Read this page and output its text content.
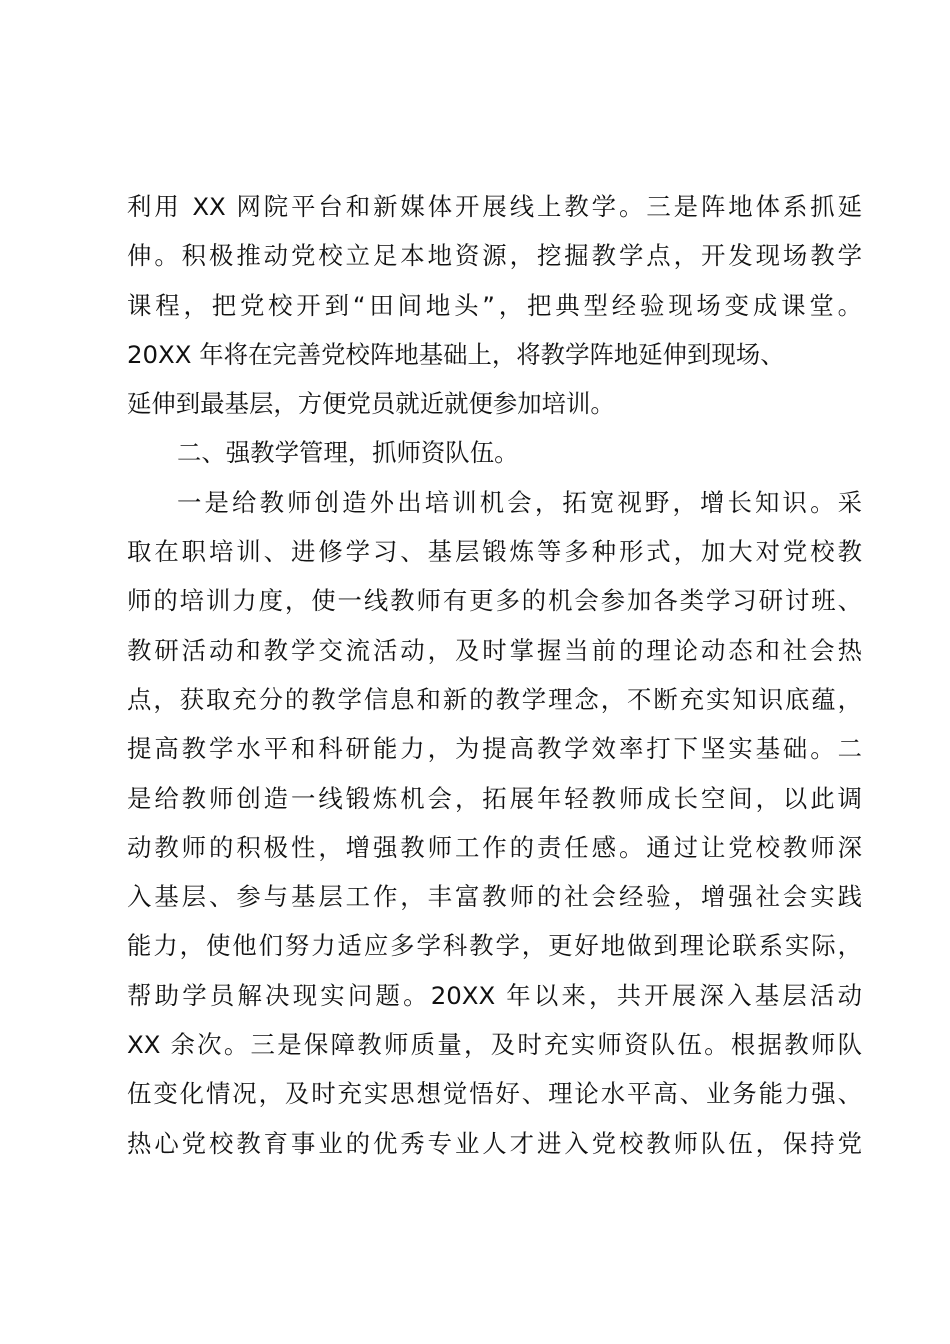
利用 XX 网院平台和新媒体开展线上教学。三是阵地体系抓延
伸。积极推动党校立足本地资源，挖掘教学点，开发现场教学
课程，把党校开到“田间地头”，把典型经验现场变成课堂。
20XX 年将在完善党校阵地基础上，将教学阵地延伸到现场、
延伸到最基层，方便党员就近就便参加培训。
二、强教学管理，抓师资队伍。
一是给教师创造外出培训机会，拓宽视野，增长知识。采
取在职培训、进修学习、基层锻炼等多种形式，加大对党校教
师的培训力度，使一线教师有更多的机会参加各类学习研讨班、
教研活动和教学交流活动，及时掌握当前的理论动态和社会热
点，获取充分的教学信息和新的教学理念，不断充实知识底蕴，
提高教学水平和科研能力，为提高教学效率打下坚实基础。二
是给教师创造一线锻炼机会，拓展年轻教师成长空间，以此调
动教师的积极性，增强教师工作的责任感。通过让党校教师深
入基层、参与基层工作，丰富教师的社会经验，增强社会实践
能力，使他们努力适应多学科教学，更好地做到理论联系实际，
帮助学员解决现实问题。20XX 年以来，共开展深入基层活动
XX 余次。三是保障教师质量，及时充实师资队伍。根据教师队
伍变化情况，及时充实思想觉悟好、理论水平高、业务能力强、
热心党校教育事业的优秀专业人才进入党校教师队伍，保持党
